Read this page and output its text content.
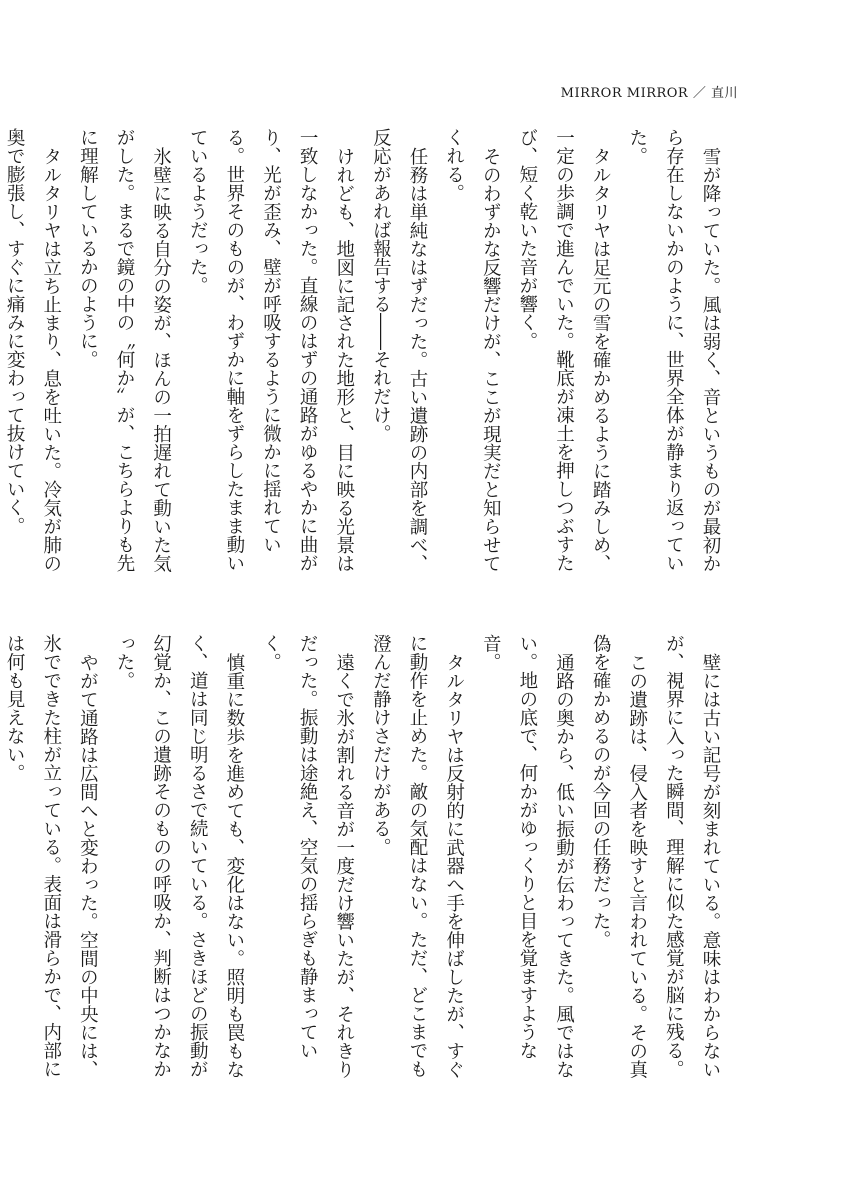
MIRROR MIRROR ／ 直川

雪が降っていた。風は弱く、音というものが最初から存在しないかのように、世界全体が静まり返っていた。

タルタリヤは足元の雪を確かめるように踏みしめ、一定の歩調で進んでいた。靴底が凍土を押しつぶすたび、短く乾いた音が響く。

そのわずかな反響だけが、ここが現実だと知らせてくれる。

任務は単純なはずだった。古い遺跡の内部を調べ、反応があれば報告する――それだけ。

けれども、地図に記された地形と、目に映る光景は一致しなかった。直線のはずの通路がゆるやかに曲がり、光が歪み、壁が呼吸するように微かに揺れている。世界そのものが、わずかに軸をずらしたまま動いているようだった。

氷壁に映る自分の姿が、ほんの一拍遅れて動いた気がした。まるで鏡の中の〝何か〟が、こちらよりも先に理解しているかのように。

タルタリヤは立ち止まり、息を吐いた。冷気が肺の奥で膨張し、すぐに痛みに変わって抜けていく。

壁には古い記号が刻まれている。意味はわからないが、視界に入った瞬間、理解に似た感覚が脳に残る。

この遺跡は、侵入者を映すと言われている。その真偽を確かめるのが今回の任務だった。

通路の奥から、低い振動が伝わってきた。風ではない。地の底で、何かがゆっくりと目を覚ますような音。

タルタリヤは反射的に武器へ手を伸ばしたが、すぐに動作を止めた。敵の気配はない。ただ、どこまでも澄んだ静けさだけがある。

遠くで氷が割れる音が一度だけ響いたが、それきりだった。振動は途絶え、空気の揺らぎも静まっていく。

慎重に数歩を進めても、変化はない。照明も罠もなく、道は同じ明るさで続いている。さきほどの振動が幻覚か、この遺跡そのものの呼吸か、判断はつかなかった。

やがて通路は広間へと変わった。空間の中央には、氷でできた柱が立っている。表面は滑らかで、内部には何も見えない。
